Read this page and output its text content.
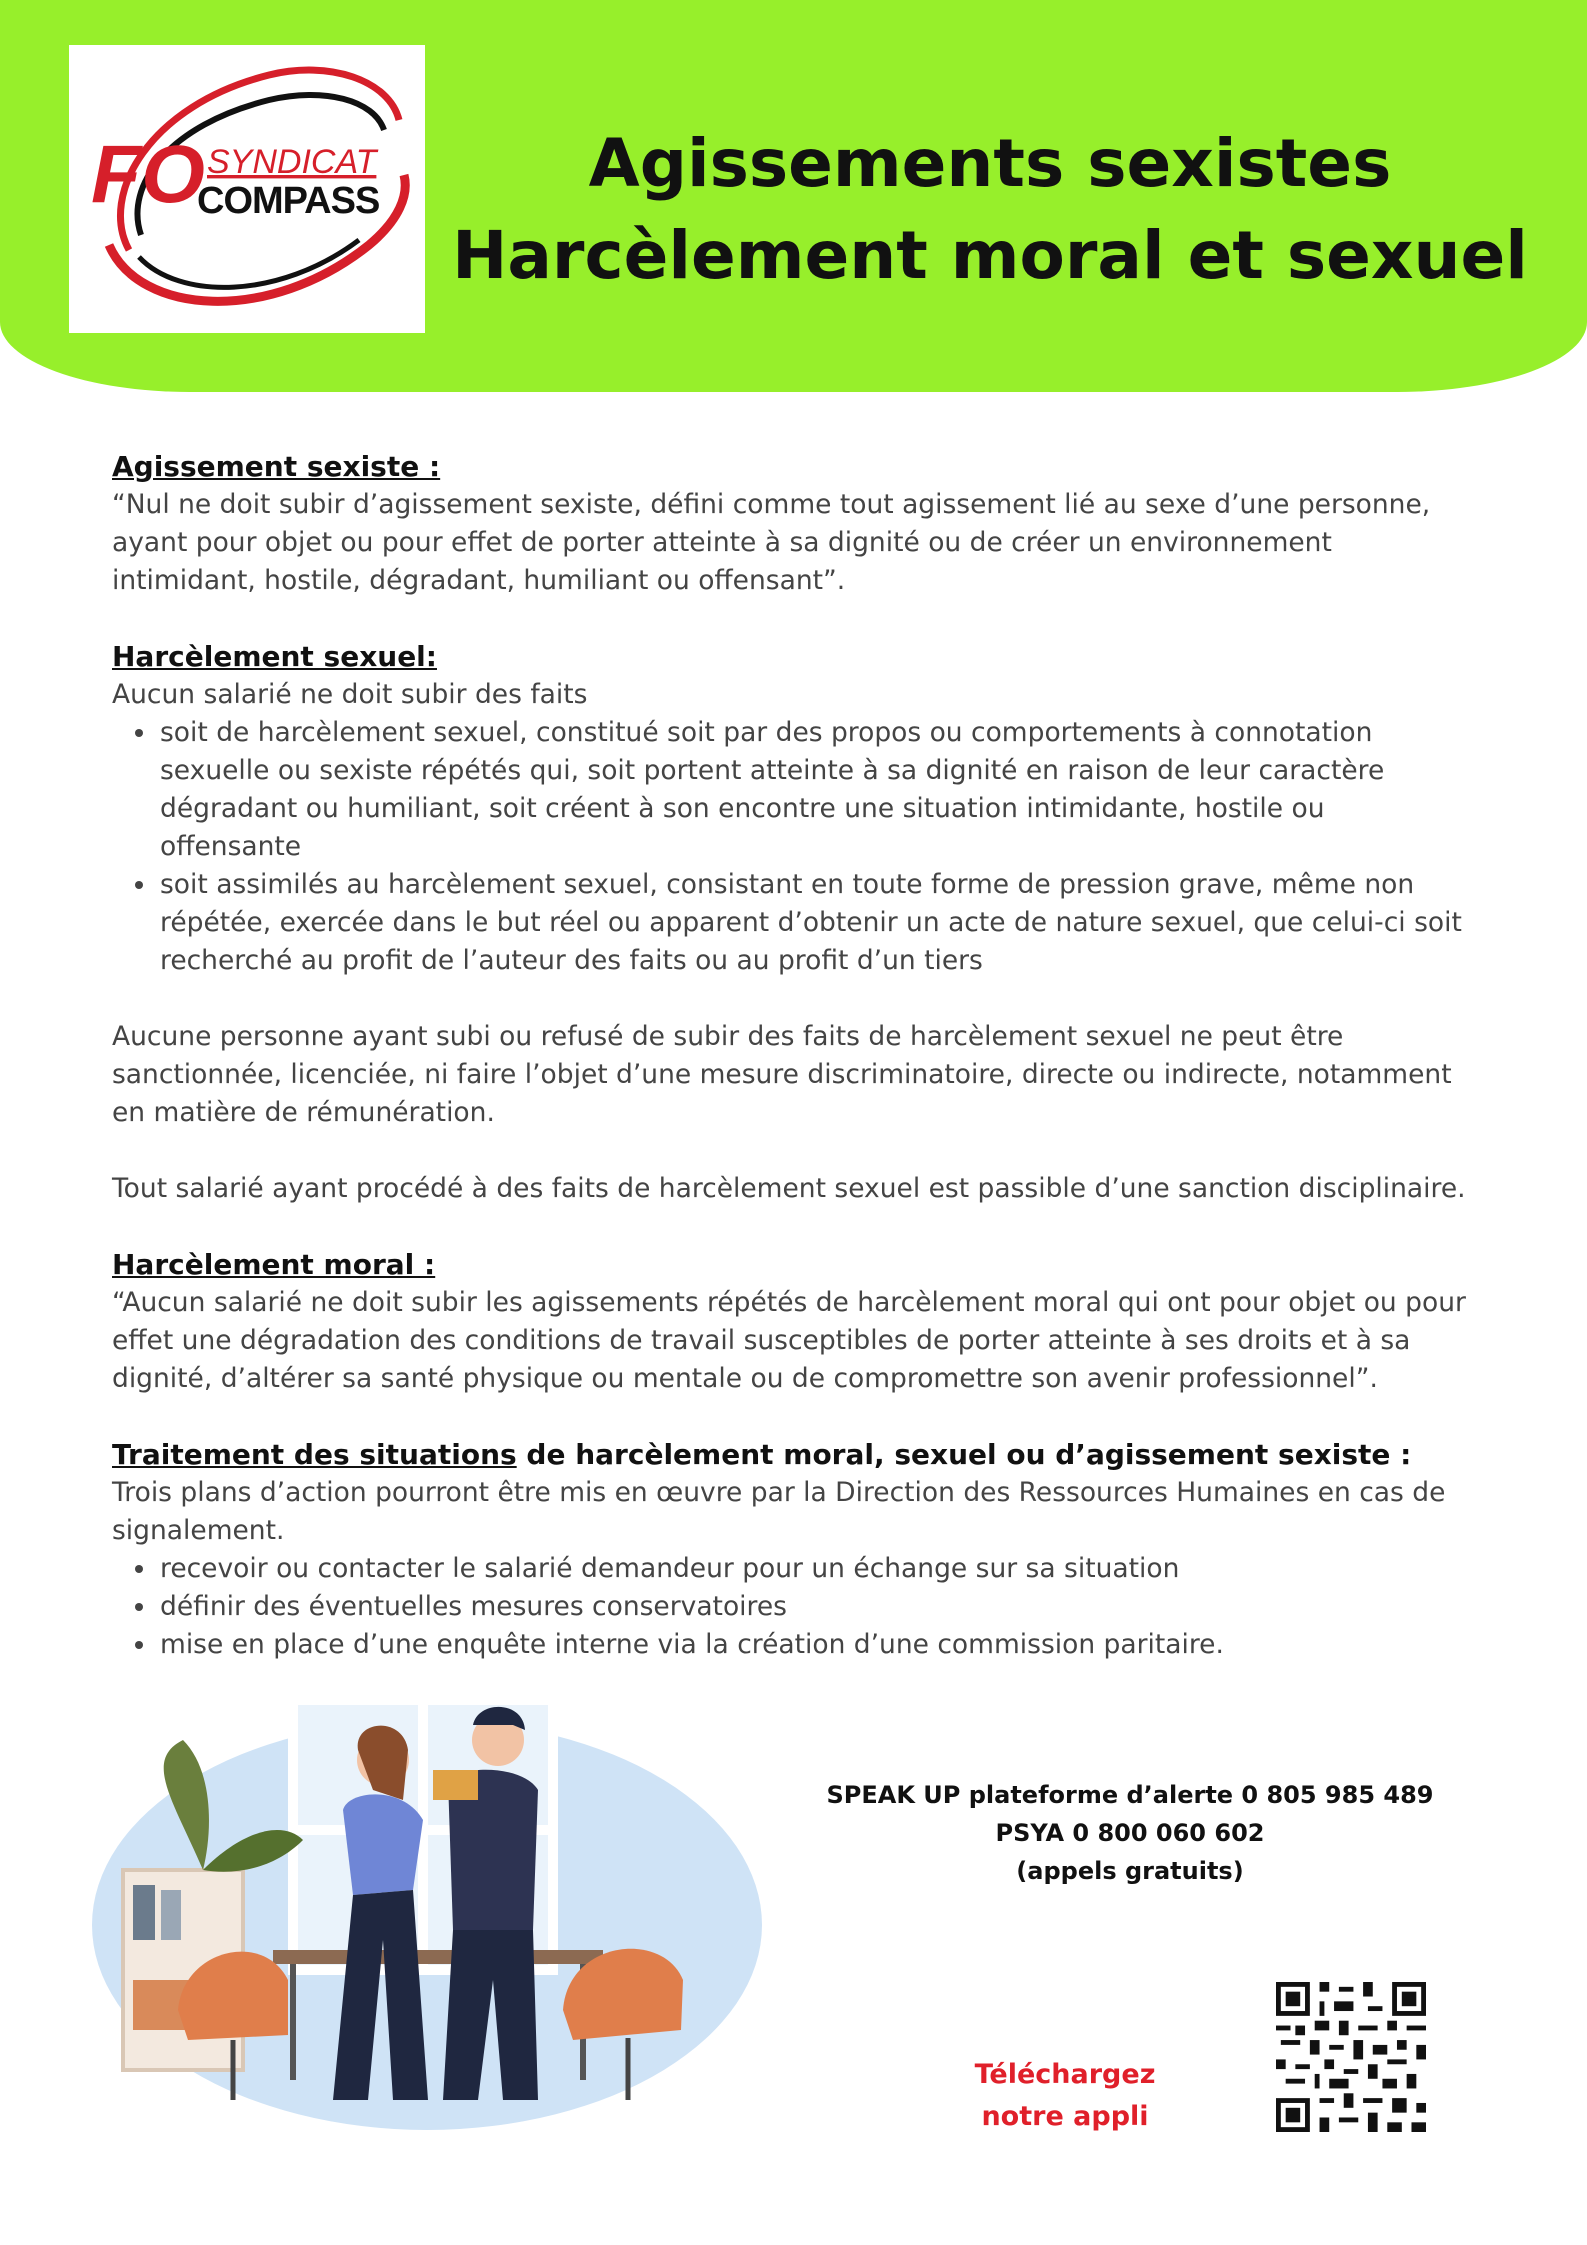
FO SYNDICAT
COMPASS	Agissements sexistes
Harcèlement moral et sexuel

Agissement sexiste :

“Nul ne doit subir d’agissement sexiste, défini comme tout agissement lié au sexe d’une personne, ayant pour objet ou pour effet de porter atteinte à sa dignité ou de créer un environnement intimidant, hostile, dégradant, humiliant ou offensant”.

Harcèlement sexuel:

Aucun salarié ne doit subir des faits

• soit de harcèlement sexuel, constitué soit par des propos ou comportements à connotation sexuelle ou sexiste répétés qui, soit portent atteinte à sa dignité en raison de leur caractère dégradant ou humiliant, soit créent à son encontre une situation intimidante, hostile ou offensante
• soit assimilés au harcèlement sexuel, consistant en toute forme de pression grave, même non répétée, exercée dans le but réel ou apparent d’obtenir un acte de nature sexuel, que celui-ci soit recherché au profit de l’auteur des faits ou au profit d’un tiers

Aucune personne ayant subi ou refusé de subir des faits de harcèlement sexuel ne peut être sanctionnée, licenciée, ni faire l’objet d’une mesure discriminatoire, directe ou indirecte, notamment en matière de rémunération.

Tout salarié ayant procédé à des faits de harcèlement sexuel est passible d’une sanction disciplinaire.

Harcèlement moral :

“Aucun salarié ne doit subir les agissements répétés de harcèlement moral qui ont pour objet ou pour effet une dégradation des conditions de travail susceptibles de porter atteinte à ses droits et à sa dignité, d’altérer sa santé physique ou mentale ou de compromettre son avenir professionnel”.

Traitement des situations de harcèlement moral, sexuel ou d’agissement sexiste :

Trois plans d’action pourront être mis en œuvre par la Direction des Ressources Humaines en cas de signalement.

• recevoir ou contacter le salarié demandeur pour un échange sur sa situation
• définir des éventuelles mesures conservatoires
• mise en place d’une enquête interne via la création d’une commission paritaire.
SPEAK UP plateforme d’alerte 0 805 985 489
PSYA 0 800 060 602
(appels gratuits)
Téléchargez
notre appli
